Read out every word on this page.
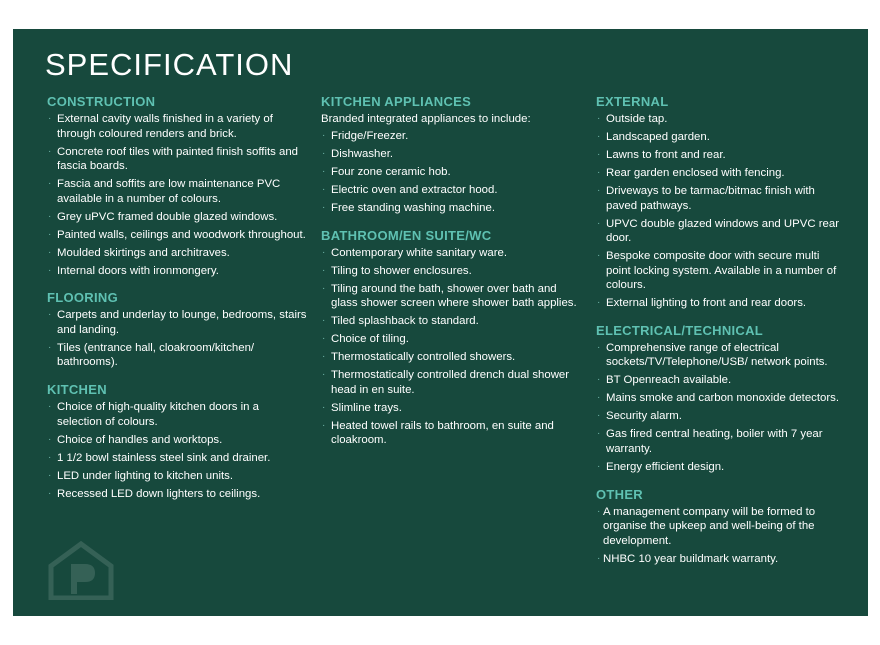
SPECIFICATION
CONSTRUCTION
· External cavity walls finished in a variety of through coloured renders and brick.
· Concrete roof tiles with painted finish soffits and fascia boards.
· Fascia and soffits are low maintenance PVC available in a number of colours.
· Grey uPVC framed double glazed windows.
· Painted walls, ceilings and woodwork throughout.
· Moulded skirtings and architraves.
· Internal doors with ironmongery.
FLOORING
· Carpets and underlay to lounge, bedrooms, stairs and landing.
· Tiles (entrance hall, cloakroom/kitchen/ bathrooms).
KITCHEN
· Choice of high-quality kitchen doors in a selection of colours.
· Choice of handles and worktops.
· 1 1/2 bowl stainless steel sink and drainer.
· LED under lighting to kitchen units.
· Recessed LED down lighters to ceilings.
KITCHEN APPLIANCES
Branded integrated appliances to include:
· Fridge/Freezer.
· Dishwasher.
· Four zone ceramic hob.
· Electric oven and extractor hood.
· Free standing washing machine.
BATHROOM/EN SUITE/WC
· Contemporary white sanitary ware.
· Tiling to shower enclosures.
· Tiling around the bath, shower over bath and glass shower screen where shower bath applies.
· Tiled splashback to standard.
· Choice of tiling.
· Thermostatically controlled showers.
· Thermostatically controlled drench dual shower head in en suite.
· Slimline trays.
· Heated towel rails to bathroom, en suite and cloakroom.
EXTERNAL
· Outside tap.
· Landscaped garden.
· Lawns to front and rear.
· Rear garden enclosed with fencing.
· Driveways to be tarmac/bitmac finish with paved pathways.
· UPVC double glazed windows and UPVC rear door.
· Bespoke composite door with secure multi point locking system. Available in a number of colours.
· External lighting to front and rear doors.
ELECTRICAL/TECHNICAL
· Comprehensive range of electrical sockets/TV/Telephone/USB/ network points.
· BT Openreach available.
· Mains smoke and carbon monoxide detectors.
· Security alarm.
· Gas fired central heating, boiler with 7 year warranty.
· Energy efficient design.
OTHER
· A management company will be formed to organise the upkeep and well-being of the development.
· NHBC 10 year buildmark warranty.
